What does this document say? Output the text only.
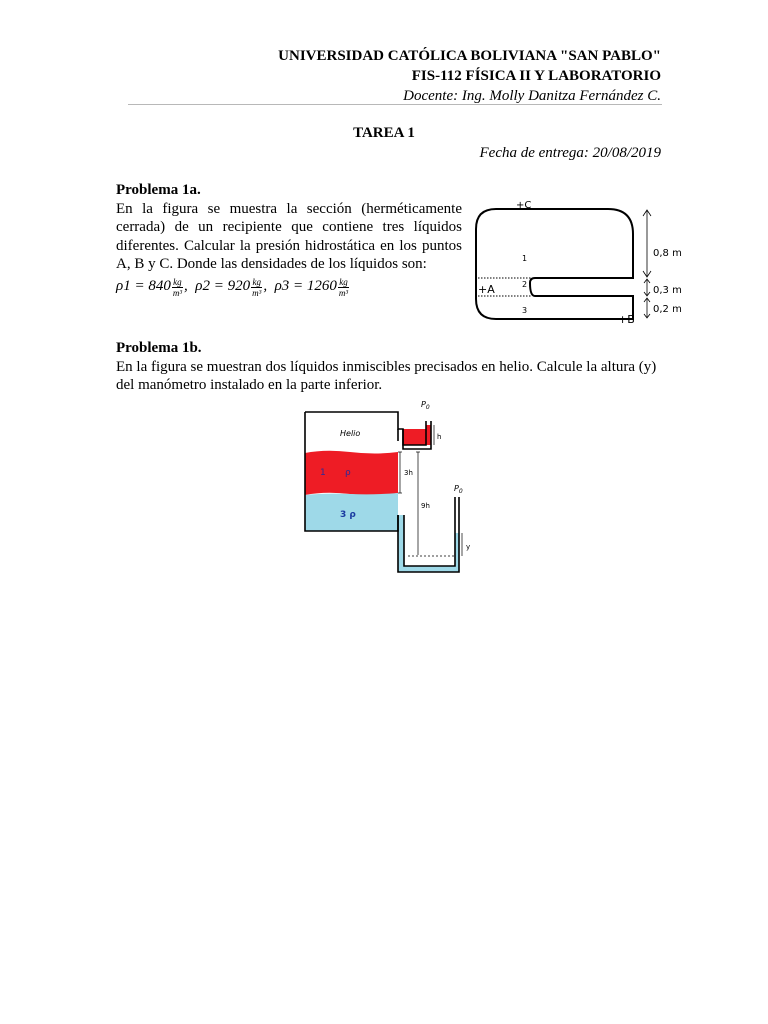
UNIVERSIDAD CATÓLICA BOLIVIANA "SAN PABLO"
FIS-112 FÍSICA II Y LABORATORIO
Docente: Ing. Molly Danitza Fernández C.
TAREA 1
Fecha de entrega: 20/08/2019
Problema 1a.
En la figura se muestra la sección (herméticamente cerrada) de un recipiente que contiene tres líquidos diferentes. Calcular la presión hidrostática en los puntos A, B y C. Donde las densidades de los líquidos son:
$\rho 1 = 840 \frac{kg}{\text{m³}}$ , $\rho 2 = 920 \frac{kg}{\text{m³}}$ , $\rho 3 = 1260 \frac{kg}{\text{m³}}$
+C
+A
+B
1
2
3
0,8 m
0,3 m
0,2 m
Problema 1b.
En la figura se muestran dos líquidos inmiscibles precisados en helio. Calcule la altura (y) del manómetro instalado en la parte inferior.
$P_0$
$P_0$
Helio
1 ρ
3 ρ
h
3h
9h
y
